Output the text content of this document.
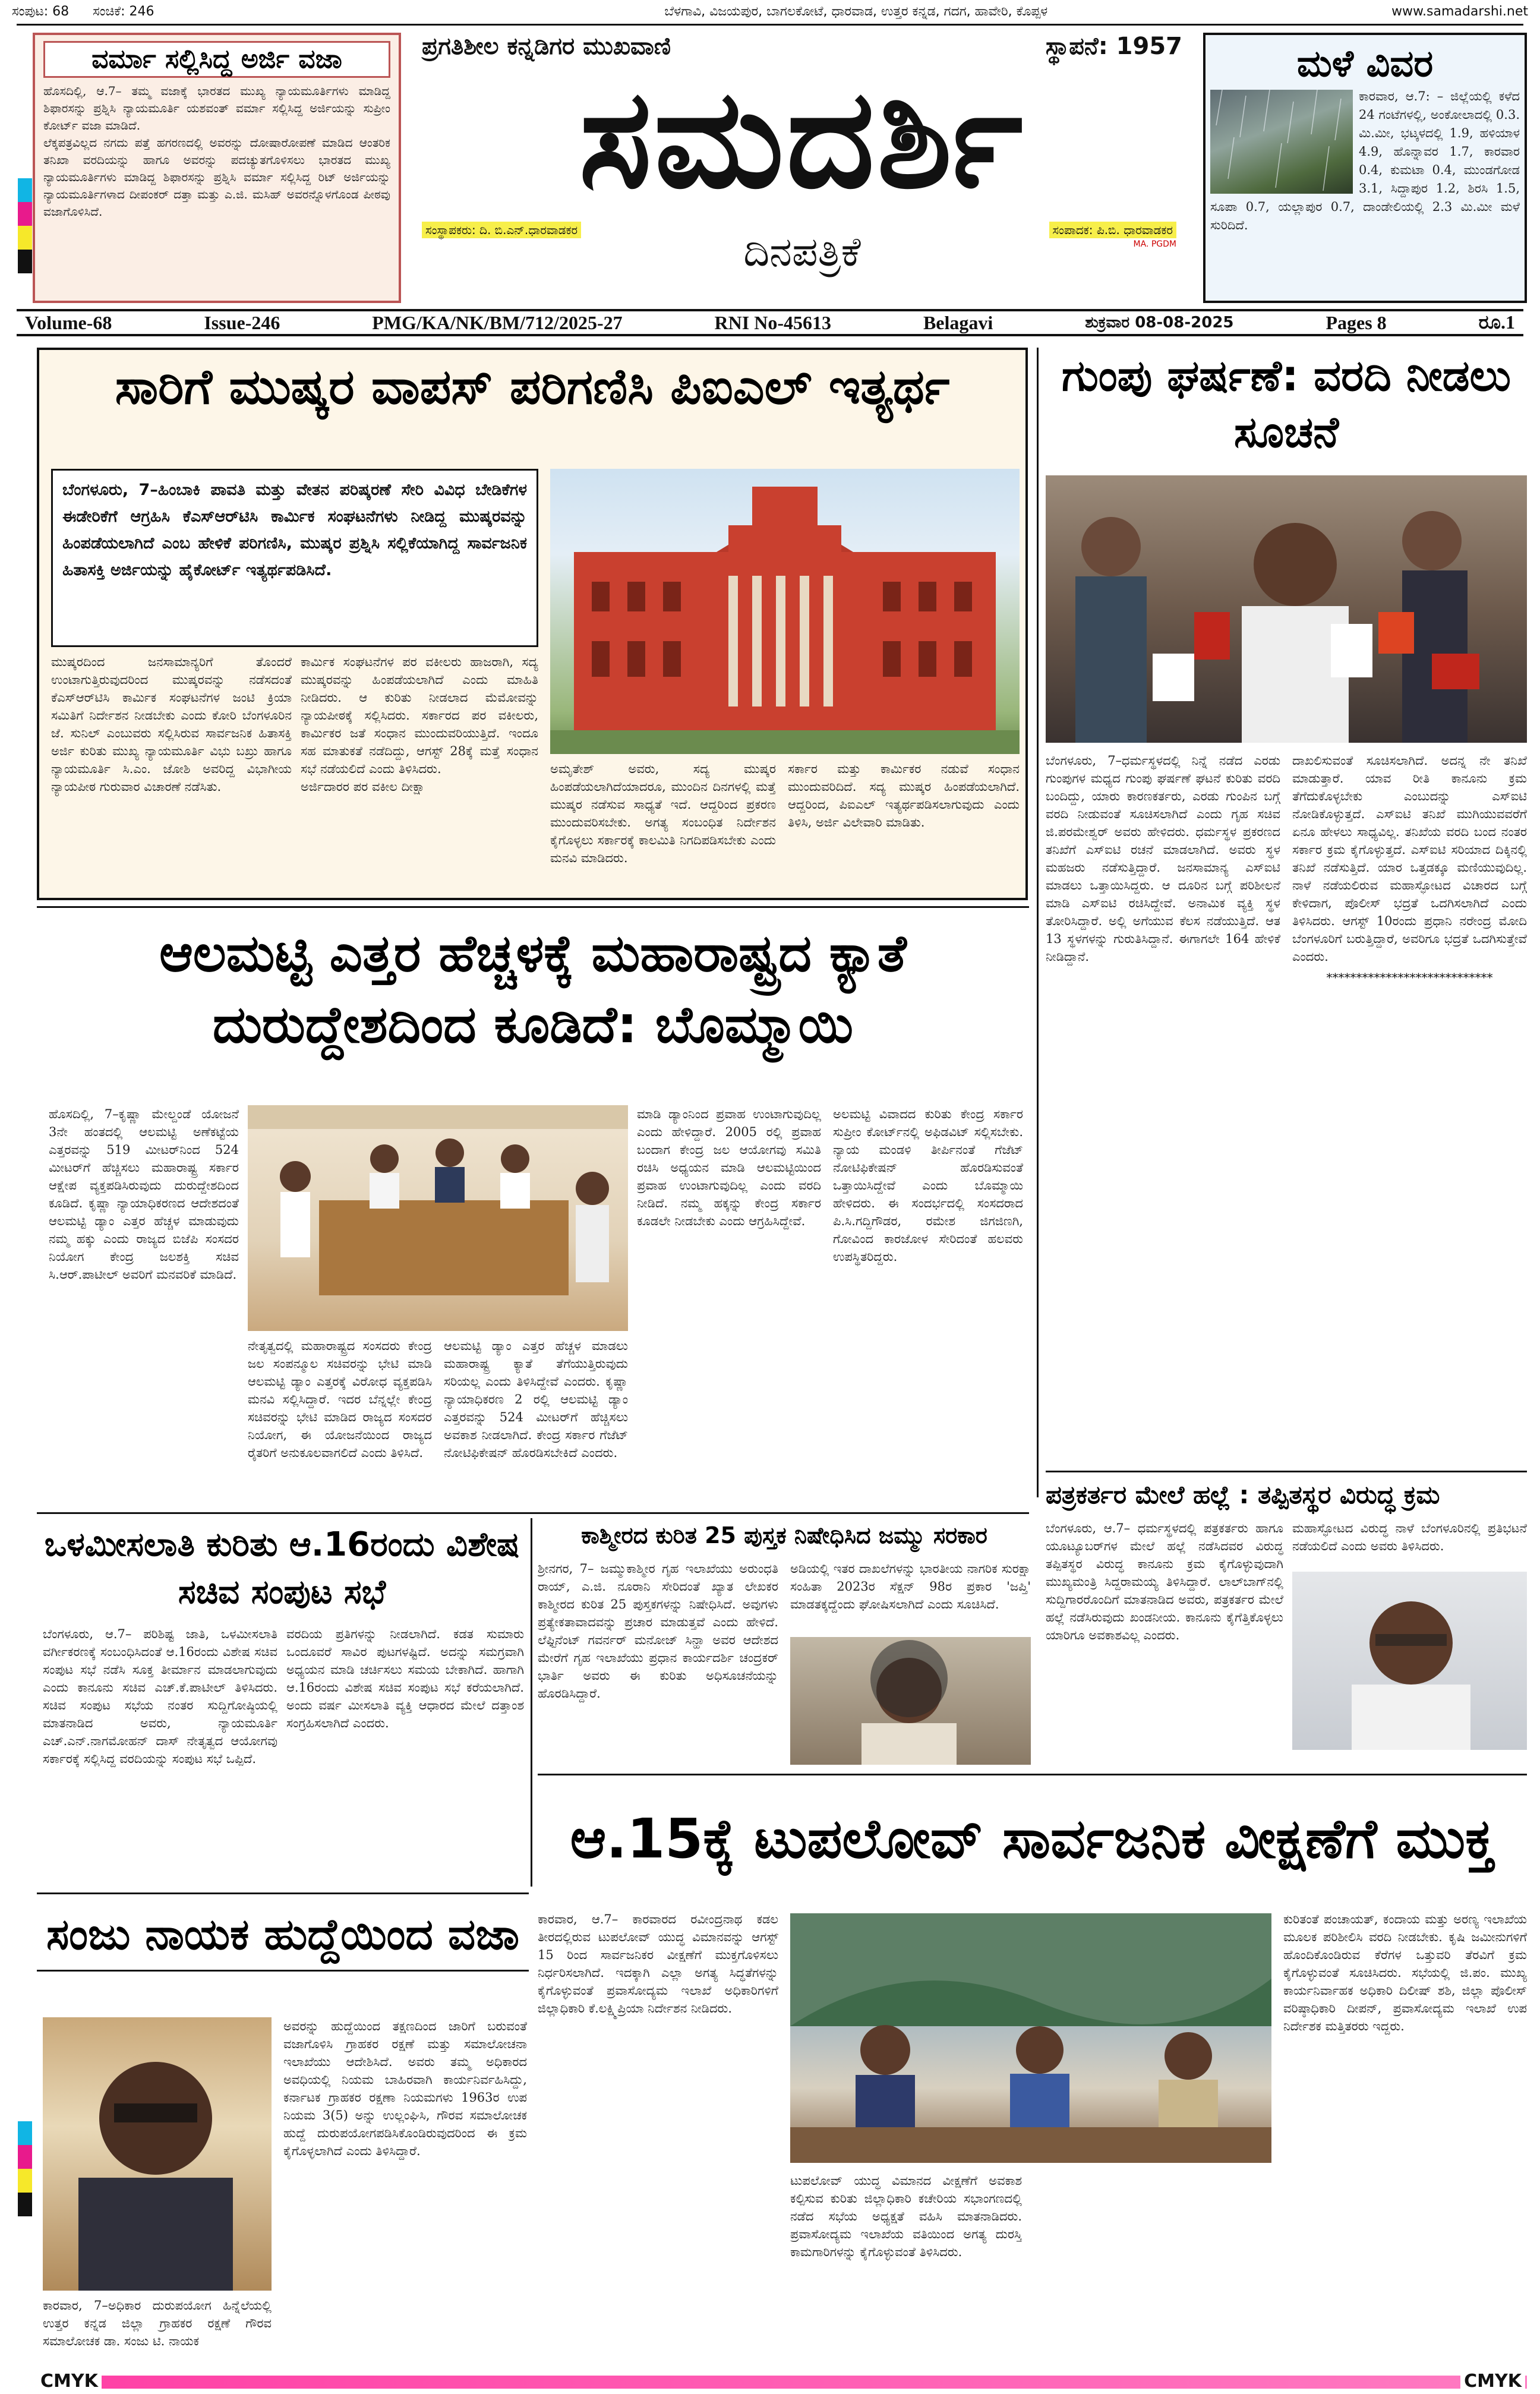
ಸಂಪುಟ: 68 ಸಂಚಿಕೆ: 246	ಬೆಳಗಾವಿ, ವಿಜಯಪುರ, ಬಾಗಲಕೋಟೆ, ಧಾರವಾಡ, ಉತ್ತರ ಕನ್ನಡ, ಗದಗ, ಹಾವೇರಿ, ಕೊಪ್ಪಳ	www.samadarshi.net
ವರ್ಮಾ ಸಲ್ಲಿಸಿದ್ದ ಅರ್ಜಿ ವಜಾ

ಹೊಸದಿಲ್ಲಿ, ಆ.7– ತಮ್ಮ ವಜಾಕ್ಕೆ ಭಾರತದ ಮುಖ್ಯ ನ್ಯಾಯಮೂರ್ತಿಗಳು ಮಾಡಿದ್ದ ಶಿಫಾರಸನ್ನು ಪ್ರಶ್ನಿಸಿ ನ್ಯಾಯಮೂರ್ತಿ ಯಶವಂತ್ ವರ್ಮಾ ಸಲ್ಲಿಸಿದ್ದ ಅರ್ಜಿಯನ್ನು ಸುಪ್ರೀಂ ಕೋರ್ಟ್ ವಜಾ ಮಾಡಿದೆ.

ಲೆಕ್ಕಪತ್ರವಿಲ್ಲದ ನಗದು ಪತ್ತೆ ಹಗರಣದಲ್ಲಿ ಅವರನ್ನು ದೋಷಾರೋಪಣೆ ಮಾಡಿದ ಆಂತರಿಕ ತನಿಖಾ ವರದಿಯನ್ನು ಹಾಗೂ ಅವರನ್ನು ಪದಚ್ಯುತಗೊಳಿಸಲು ಭಾರತದ ಮುಖ್ಯ ನ್ಯಾಯಮೂರ್ತಿಗಳು ಮಾಡಿದ್ದ ಶಿಫಾರಸನ್ನು ಪ್ರಶ್ನಿಸಿ ವರ್ಮಾ ಸಲ್ಲಿಸಿದ್ದ ರಿಟ್ ಅರ್ಜಿಯನ್ನು ನ್ಯಾಯಮೂರ್ತಿಗಳಾದ ದೀಪಂಕರ್ ದತ್ತಾ ಮತ್ತು ಎ.ಜಿ. ಮಸಿಹ್ ಅವರನ್ನೊಳಗೊಂಡ ಪೀಠವು ವಜಾಗೊಳಿಸಿದೆ.

ಪ್ರಗತಿಶೀಲ ಕನ್ನಡಿಗರ ಮುಖವಾಣಿ	ಸ್ಥಾಪನೆ: 1957
ಸಮದರ್ಶಿ
ಸಂಸ್ಥಾಪಕರು: ದಿ. ಬಿ.ಎನ್.ಧಾರವಾಡಕರ	ದಿನಪತ್ರಿಕೆ	ಸಂಪಾದಕ: ಪಿ.ಬಿ. ಧಾರವಾಡಕರ
MA. PGDM
ಮಳೆ ವಿವರ

ಕಾರವಾರ, ಆ.7: – ಜಿಲ್ಲೆಯಲ್ಲಿ ಕಳೆದ 24 ಗಂಟೆಗಳಲ್ಲಿ, ಅಂಕೋಲಾದಲ್ಲಿ 0.3. ಮಿ.ಮೀ, ಭಟ್ಕಳದಲ್ಲಿ 1.9, ಹಳಿಯಾಳ 4.9, ಹೊನ್ನಾವರ 1.7, ಕಾರವಾರ 0.4, ಕುಮಟಾ 0.4, ಮುಂಡಗೋಡ 3.1, ಸಿದ್ದಾಪುರ 1.2, ಶಿರಸಿ 1.5, ಸೂಪಾ 0.7, ಯಲ್ಲಾಪುರ 0.7, ದಾಂಡೇಲಿಯಲ್ಲಿ 2.3 ಮಿ.ಮೀ ಮಳೆ ಸುರಿದಿದೆ.

Volume-68	Issue-246	PMG/KA/NK/BM/712/2025-27	RNI No-45613	Belagavi	ಶುಕ್ರವಾರ 08-08-2025	Pages 8	ರೂ.1
ಸಾರಿಗೆ ಮುಷ್ಕರ ವಾಪಸ್ ಪರಿಗಣಿಸಿ ಪಿಐಎಲ್ ಇತ್ಯರ್ಥ

ಬೆಂಗಳೂರು, 7–ಹಿಂಬಾಕಿ ಪಾವತಿ ಮತ್ತು ವೇತನ ಪರಿಷ್ಕರಣೆ ಸೇರಿ ವಿವಿಧ ಬೇಡಿಕೆಗಳ ಈಡೇರಿಕೆಗೆ ಆಗ್ರಹಿಸಿ ಕೆಎಸ್ಆರ್‌ಟಿಸಿ ಕಾರ್ಮಿಕ ಸಂಘಟನೆಗಳು ನೀಡಿದ್ದ ಮುಷ್ಕರವನ್ನು ಹಿಂಪಡೆಯಲಾಗಿದೆ ಎಂಬ ಹೇಳಿಕೆ ಪರಿಗಣಿಸಿ, ಮುಷ್ಕರ ಪ್ರಶ್ನಿಸಿ ಸಲ್ಲಿಕೆಯಾಗಿದ್ದ ಸಾರ್ವಜನಿಕ ಹಿತಾಸಕ್ತಿ ಅರ್ಜಿಯನ್ನು ಹೈಕೋರ್ಟ್ ಇತ್ಯರ್ಥಪಡಿಸಿದೆ.

ಮುಷ್ಕರದಿಂದ ಜನಸಾಮಾನ್ಯರಿಗೆ ತೊಂದರೆ ಉಂಟಾಗುತ್ತಿರುವುದರಿಂದ ಮುಷ್ಕರವನ್ನು ನಡೆಸದಂತೆ ಕೆಎಸ್ಆರ್‌ಟಿಸಿ ಕಾರ್ಮಿಕ ಸಂಘಟನೆಗಳ ಜಂಟಿ ಕ್ರಿಯಾ ಸಮಿತಿಗೆ ನಿರ್ದೇಶನ ನೀಡಬೇಕು ಎಂದು ಕೋರಿ ಬೆಂಗಳೂರಿನ ಜೆ. ಸುನಿಲ್ ಎಂಬುವರು ಸಲ್ಲಿಸಿರುವ ಸಾರ್ವಜನಿಕ ಹಿತಾಸಕ್ತಿ ಅರ್ಜಿ ಕುರಿತು ಮುಖ್ಯ ನ್ಯಾಯಮೂರ್ತಿ ವಿಭು ಬಖ್ರು ಹಾಗೂ ನ್ಯಾಯಮೂರ್ತಿ ಸಿ.ಎಂ. ಜೋಶಿ ಅವರಿದ್ದ ವಿಭಾಗೀಯ ನ್ಯಾಯಪೀಠ ಗುರುವಾರ ವಿಚಾರಣೆ ನಡೆಸಿತು.

ಕಾರ್ಮಿಕ ಸಂಘಟನೆಗಳ ಪರ ವಕೀಲರು ಹಾಜರಾಗಿ, ಸದ್ಯ ಮುಷ್ಕರವನ್ನು ಹಿಂಪಡೆಯಲಾಗಿದೆ ಎಂದು ಮಾಹಿತಿ ನೀಡಿದರು. ಆ ಕುರಿತು ನೀಡಲಾದ ಮೆಮೋವನ್ನು ನ್ಯಾಯಪೀಠಕ್ಕೆ ಸಲ್ಲಿಸಿದರು. ಸರ್ಕಾರದ ಪರ ವಕೀಲರು, ಕಾರ್ಮಿಕರ ಜತೆ ಸಂಧಾನ ಮುಂದುವರಿಯುತ್ತಿದೆ. ಇಂದೂ ಸಹ ಮಾತುಕತೆ ನಡೆದಿದ್ದು, ಆಗಸ್ಟ್ 28ಕ್ಕೆ ಮತ್ತೆ ಸಂಧಾನ ಸಭೆ ನಡೆಯಲಿದೆ ಎಂದು ತಿಳಿಸಿದರು.

ಅರ್ಜಿದಾರರ ಪರ ವಕೀಲ ದೀಕ್ಷಾ

ಅಮೃತೇಶ್ ಅವರು, ಸದ್ಯ ಮುಷ್ಕರ ಹಿಂಪಡೆಯಲಾಗಿದೆಯಾದರೂ, ಮುಂದಿನ ದಿನಗಳಲ್ಲಿ ಮತ್ತೆ ಮುಷ್ಕರ ನಡೆಸುವ ಸಾಧ್ಯತೆ ಇದೆ. ಆದ್ದರಿಂದ ಪ್ರಕರಣ ಮುಂದುವರಿಸಬೇಕು. ಅಗತ್ಯ ಸಂಬಂಧಿತ ನಿರ್ದೇಶನ ಕೈಗೊಳ್ಳಲು ಸರ್ಕಾರಕ್ಕೆ ಕಾಲಮಿತಿ ನಿಗದಿಪಡಿಸಬೇಕು ಎಂದು ಮನವಿ ಮಾಡಿದರು.

ಸರ್ಕಾರ ಮತ್ತು ಕಾರ್ಮಿಕರ ನಡುವೆ ಸಂಧಾನ ಮುಂದುವರಿದಿದೆ. ಸದ್ಯ ಮುಷ್ಕರ ಹಿಂಪಡೆಯಲಾಗಿದೆ. ಆದ್ದರಿಂದ, ಪಿಐಎಲ್ ಇತ್ಯರ್ಥಪಡಿಸಲಾಗುವುದು ಎಂದು ತಿಳಿಸಿ, ಅರ್ಜಿ ವಿಲೇವಾರಿ ಮಾಡಿತು.

ಗುಂಪು ಘರ್ಷಣೆ: ವರದಿ ನೀಡಲು ಸೂಚನೆ

ಬೆಂಗಳೂರು, 7–ಧರ್ಮಸ್ಥಳದಲ್ಲಿ ನಿನ್ನೆ ನಡೆದ ಎರಡು ಗುಂಪುಗಳ ಮಧ್ಯದ ಗುಂಪು ಘರ್ಷಣೆ ಘಟನೆ ಕುರಿತು ವರದಿ ಬಂದಿದ್ದು, ಯಾರು ಕಾರಣಕರ್ತರು, ಎರಡು ಗುಂಪಿನ ಬಗ್ಗೆ ವರದಿ ನೀಡುವಂತೆ ಸೂಚಿಸಲಾಗಿದೆ ಎಂದು ಗೃಹ ಸಚಿವ ಜಿ.ಪರಮೇಶ್ವರ್ ಅವರು ಹೇಳಿದರು. ಧರ್ಮಸ್ಥಳ ಪ್ರಕರಣದ ತನಿಖೆಗೆ ಎಸ್ಐಟಿ ರಚನೆ ಮಾಡಲಾಗಿದೆ. ಅವರು ಸ್ಥಳ ಮಹಜರು ನಡೆಸುತ್ತಿದ್ದಾರೆ. ಜನಸಾಮಾನ್ಯ ಎಸ್ಐಟಿ ಮಾಡಲು ಒತ್ತಾಯಿಸಿದ್ದರು. ಆ ದೂರಿನ ಬಗ್ಗೆ ಪರಿಶೀಲನೆ ಮಾಡಿ ಎಸ್ಐಟಿ ರಚಿಸಿದ್ದೇವೆ. ಅನಾಮಿಕ ವ್ಯಕ್ತಿ ಸ್ಥಳ ತೋರಿಸಿದ್ದಾರೆ. ಅಲ್ಲಿ ಅಗೆಯುವ ಕೆಲಸ ನಡೆಯುತ್ತಿದೆ. ಆತ 13 ಸ್ಥಳಗಳನ್ನು ಗುರುತಿಸಿದ್ದಾನೆ. ಈಗಾಗಲೇ 164 ಹೇಳಿಕೆ ನೀಡಿದ್ದಾನೆ.

ದಾಖಲಿಸುವಂತೆ ಸೂಚಿಸಲಾಗಿದೆ. ಅದನ್ನ ನೇ ತನಿಖೆ ಮಾಡುತ್ತಾರೆ. ಯಾವ ರೀತಿ ಕಾನೂನು ಕ್ರಮ ತೆಗೆದುಕೊಳ್ಳಬೇಕು ಎಂಬುದನ್ನು ಎಸ್ಐಟಿ ನೋಡಿಕೊಳ್ಳುತ್ತದೆ. ಎಸ್ಐಟಿ ತನಿಖೆ ಮುಗಿಯುವವರೆಗೆ ಏನೂ ಹೇಳಲು ಸಾಧ್ಯವಿಲ್ಲ. ತನಿಖೆಯ ವರದಿ ಬಂದ ನಂತರ ಸರ್ಕಾರ ಕ್ರಮ ಕೈಗೊಳ್ಳುತ್ತದೆ. ಎಸ್ಐಟಿ ಸರಿಯಾದ ದಿಕ್ಕಿನಲ್ಲಿ ತನಿಖೆ ನಡೆಸುತ್ತಿದೆ. ಯಾರ ಒತ್ತಡಕ್ಕೂ ಮಣಿಯುವುದಿಲ್ಲ. ನಾಳೆ ನಡೆಯಲಿರುವ ಮಹಾಸ್ಫೋಟದ ವಿಚಾರದ ಬಗ್ಗೆ ಕೇಳಿದಾಗ, ಪೊಲೀಸ್ ಭದ್ರತೆ ಒದಗಿಸಲಾಗಿದೆ ಎಂದು ತಿಳಿಸಿದರು. ಆಗಸ್ಟ್ 10ರಂದು ಪ್ರಧಾನಿ ನರೇಂದ್ರ ಮೋದಿ ಬೆಂಗಳೂರಿಗೆ ಬರುತ್ತಿದ್ದಾರೆ, ಅವರಿಗೂ ಭದ್ರತೆ ಒದಗಿಸುತ್ತೇವೆ ಎಂದರು.

****************************

ಆಲಮಟ್ಟಿ ಎತ್ತರ ಹೆಚ್ಚಳಕ್ಕೆ ಮಹಾರಾಷ್ಟ್ರದ ಕ್ಯಾತೆ ದುರುದ್ದೇಶದಿಂದ ಕೂಡಿದೆ: ಬೊಮ್ಮಾಯಿ

ಹೊಸದಿಲ್ಲಿ, 7–ಕೃಷ್ಣಾ ಮೇಲ್ದಂಡೆ ಯೋಜನೆ 3ನೇ ಹಂತದಲ್ಲಿ ಆಲಮಟ್ಟಿ ಅಣೆಕಟ್ಟೆಯ ಎತ್ತರವನ್ನು 519 ಮೀಟರ್‌ನಿಂದ 524 ಮೀಟರ್‌ಗೆ ಹೆಚ್ಚಿಸಲು ಮಹಾರಾಷ್ಟ್ರ ಸರ್ಕಾರ ಆಕ್ಷೇಪ ವ್ಯಕ್ತಪಡಿಸಿರುವುದು ದುರುದ್ದೇಶದಿಂದ ಕೂಡಿದೆ. ಕೃಷ್ಣಾ ನ್ಯಾಯಾಧಿಕರಣದ ಆದೇಶದಂತೆ ಆಲಮಟ್ಟಿ ಡ್ಯಾಂ ಎತ್ತರ ಹೆಚ್ಚಳ ಮಾಡುವುದು ನಮ್ಮ ಹಕ್ಕು ಎಂದು ರಾಜ್ಯದ ಬಿಜೆಪಿ ಸಂಸದರ ನಿಯೋಗ ಕೇಂದ್ರ ಜಲಶಕ್ತಿ ಸಚಿವ ಸಿ.ಆರ್.ಪಾಟೀಲ್ ಅವರಿಗೆ ಮನವರಿಕೆ ಮಾಡಿದೆ.

ನೇತೃತ್ವದಲ್ಲಿ ಮಹಾರಾಷ್ಟ್ರದ ಸಂಸದರು ಕೇಂದ್ರ ಜಲ ಸಂಪನ್ಮೂಲ ಸಚಿವರನ್ನು ಭೇಟಿ ಮಾಡಿ ಆಲಮಟ್ಟಿ ಡ್ಯಾಂ ಎತ್ತರಕ್ಕೆ ವಿರೋಧ ವ್ಯಕ್ತಪಡಿಸಿ ಮನವಿ ಸಲ್ಲಿಸಿದ್ದಾರೆ. ಇದರ ಬೆನ್ನಲ್ಲೇ ಕೇಂದ್ರ ಸಚಿವರನ್ನು ಭೇಟಿ ಮಾಡಿದ ರಾಜ್ಯದ ಸಂಸದರ ನಿಯೋಗ, ಈ ಯೋಜನೆಯಿಂದ ರಾಜ್ಯದ ರೈತರಿಗೆ ಅನುಕೂಲವಾಗಲಿದೆ ಎಂದು ತಿಳಿಸಿದೆ.

ಆಲಮಟ್ಟಿ ಡ್ಯಾಂ ಎತ್ತರ ಹೆಚ್ಚಳ ಮಾಡಲು ಮಹಾರಾಷ್ಟ್ರ ಕ್ಯಾತೆ ತೆಗೆಯುತ್ತಿರುವುದು ಸರಿಯಲ್ಲ ಎಂದು ತಿಳಿಸಿದ್ದೇವೆ ಎಂದರು. ಕೃಷ್ಣಾ ನ್ಯಾಯಾಧಿಕರಣ 2 ರಲ್ಲಿ ಆಲಮಟ್ಟಿ ಡ್ಯಾಂ ಎತ್ತರವನ್ನು 524 ಮೀಟರ್‌ಗೆ ಹೆಚ್ಚಿಸಲು ಅವಕಾಶ ನೀಡಲಾಗಿದೆ. ಕೇಂದ್ರ ಸರ್ಕಾರ ಗೆಜೆಟ್ ನೋಟಿಫಿಕೇಷನ್ ಹೊರಡಿಸಬೇಕಿದೆ ಎಂದರು.

ಮಾಡಿ ಡ್ಯಾಂನಿಂದ ಪ್ರವಾಹ ಉಂಟಾಗುವುದಿಲ್ಲ ಎಂದು ಹೇಳಿದ್ದಾರೆ. 2005 ರಲ್ಲಿ ಪ್ರವಾಹ ಬಂದಾಗ ಕೇಂದ್ರ ಜಲ ಆಯೋಗವು ಸಮಿತಿ ರಚಿಸಿ ಅಧ್ಯಯನ ಮಾಡಿ ಆಲಮಟ್ಟಿಯಿಂದ ಪ್ರವಾಹ ಉಂಟಾಗುವುದಿಲ್ಲ ಎಂದು ವರದಿ ನೀಡಿದೆ. ನಮ್ಮ ಹಕ್ಕನ್ನು ಕೇಂದ್ರ ಸರ್ಕಾರ ಕೂಡಲೇ ನೀಡಬೇಕು ಎಂದು ಆಗ್ರಹಿಸಿದ್ದೇವೆ.

ಅಲಮಟ್ಟಿ ವಿವಾದದ ಕುರಿತು ಕೇಂದ್ರ ಸರ್ಕಾರ ಸುಪ್ರೀಂ ಕೋರ್ಟ್‌ನಲ್ಲಿ ಅಫಿಡವಿಟ್ ಸಲ್ಲಿಸಬೇಕು. ನ್ಯಾಯ ಮಂಡಳಿ ತೀರ್ಪಿನಂತೆ ಗೆಜೆಟ್ ನೋಟಿಫಿಕೇಷನ್ ಹೊರಡಿಸುವಂತೆ ಒತ್ತಾಯಿಸಿದ್ದೇವೆ ಎಂದು ಬೊಮ್ಮಾಯಿ ಹೇಳಿದರು. ಈ ಸಂದರ್ಭದಲ್ಲಿ ಸಂಸದರಾದ ಪಿ.ಸಿ.ಗದ್ದಿಗೌಡರ, ರಮೇಶ ಜಿಗಜಿಣಗಿ, ಗೋವಿಂದ ಕಾರಜೋಳ ಸೇರಿದಂತೆ ಹಲವರು ಉಪಸ್ಥಿತರಿದ್ದರು.

ಪತ್ರಕರ್ತರ ಮೇಲೆ ಹಲ್ಲೆ : ತಪ್ಪಿತಸ್ಥರ ವಿರುದ್ಧ ಕ್ರಮ

ಬೆಂಗಳೂರು, ಆ.7– ಧರ್ಮಸ್ಥಳದಲ್ಲಿ ಪತ್ರಕರ್ತರು ಹಾಗೂ ಯೂಟ್ಯೂಬರ್‌ಗಳ ಮೇಲೆ ಹಲ್ಲೆ ನಡೆಸಿದವರ ವಿರುದ್ಧ ತಪ್ಪಿತಸ್ಥರ ವಿರುದ್ಧ ಕಾನೂನು ಕ್ರಮ ಕೈಗೊಳ್ಳುವುದಾಗಿ ಮುಖ್ಯಮಂತ್ರಿ ಸಿದ್ದರಾಮಯ್ಯ ತಿಳಿಸಿದ್ದಾರೆ. ಲಾಲ್‌ಬಾಗ್‌ನಲ್ಲಿ ಸುದ್ದಿಗಾರರೊಂದಿಗೆ ಮಾತನಾಡಿದ ಅವರು, ಪತ್ರಕರ್ತರ ಮೇಲೆ ಹಲ್ಲೆ ನಡೆಸಿರುವುದು ಖಂಡನೀಯ. ಕಾನೂನು ಕೈಗೆತ್ತಿಕೊಳ್ಳಲು ಯಾರಿಗೂ ಅವಕಾಶವಿಲ್ಲ ಎಂದರು.

ಮಹಾಸ್ಫೋಟದ ವಿರುದ್ಧ ನಾಳೆ ಬೆಂಗಳೂರಿನಲ್ಲಿ ಪ್ರತಿಭಟನೆ ನಡೆಯಲಿದೆ ಎಂದು ಅವರು ತಿಳಿಸಿದರು.

ಒಳಮೀಸಲಾತಿ ಕುರಿತು ಆ.16ರಂದು ವಿಶೇಷ ಸಚಿವ ಸಂಪುಟ ಸಭೆ

ಬೆಂಗಳೂರು, ಆ.7– ಪರಿಶಿಷ್ಟ ಜಾತಿ, ಒಳಮೀಸಲಾತಿ ವರ್ಗೀಕರಣಕ್ಕೆ ಸಂಬಂಧಿಸಿದಂತೆ ಆ.16ರಂದು ವಿಶೇಷ ಸಚಿವ ಸಂಪುಟ ಸಭೆ ನಡೆಸಿ ಸೂಕ್ತ ತೀರ್ಮಾನ ಮಾಡಲಾಗುವುದು ಎಂದು ಕಾನೂನು ಸಚಿವ ಎಚ್.ಕೆ.ಪಾಟೀಲ್ ತಿಳಿಸಿದರು. ಸಚಿವ ಸಂಪುಟ ಸಭೆಯ ನಂತರ ಸುದ್ದಿಗೋಷ್ಠಿಯಲ್ಲಿ ಮಾತನಾಡಿದ ಅವರು, ನ್ಯಾಯಮೂರ್ತಿ ಎಚ್.ಎನ್.ನಾಗಮೋಹನ್ ದಾಸ್ ನೇತೃತ್ವದ ಆಯೋಗವು ಸರ್ಕಾರಕ್ಕೆ ಸಲ್ಲಿಸಿದ್ದ ವರದಿಯನ್ನು ಸಂಪುಟ ಸಭೆ ಒಪ್ಪಿದೆ.

ವರದಿಯ ಪ್ರತಿಗಳನ್ನು ನೀಡಲಾಗಿದೆ. ಕಡತ ಸುಮಾರು ಒಂದೂವರೆ ಸಾವಿರ ಪುಟಗಳಷ್ಟಿದೆ. ಅದನ್ನು ಸಮಗ್ರವಾಗಿ ಅಧ್ಯಯನ ಮಾಡಿ ಚರ್ಚಿಸಲು ಸಮಯ ಬೇಕಾಗಿದೆ. ಹಾಗಾಗಿ ಆ.16ರಂದು ವಿಶೇಷ ಸಚಿವ ಸಂಪುಟ ಸಭೆ ಕರೆಯಲಾಗಿದೆ. ಅಂದು ವರ್ಷ ಮೀಸಲಾತಿ ವ್ಯಕ್ತಿ ಆಧಾರದ ಮೇಲೆ ದತ್ತಾಂಶ ಸಂಗ್ರಹಿಸಲಾಗಿದೆ ಎಂದರು.

ಕಾಶ್ಮೀರದ ಕುರಿತ 25 ಪುಸ್ತಕ ನಿಷೇಧಿಸಿದ ಜಮ್ಮು ಸರಕಾರ

ಶ್ರೀನಗರ, 7– ಜಮ್ಮುಕಾಶ್ಮೀರ ಗೃಹ ಇಲಾಖೆಯು ಅರುಂಧತಿ ರಾಯ್, ಎ.ಜಿ. ನೂರಾನಿ ಸೇರಿದಂತೆ ಖ್ಯಾತ ಲೇಖಕರ ಕಾಶ್ಮೀರದ ಕುರಿತ 25 ಪುಸ್ತಕಗಳನ್ನು ನಿಷೇಧಿಸಿದೆ. ಅವುಗಳು ಪ್ರತ್ಯೇಕತಾವಾದವನ್ನು ಪ್ರಚಾರ ಮಾಡುತ್ತವೆ ಎಂದು ಹೇಳಿದೆ. ಲೆಫ್ಟಿನೆಂಟ್ ಗವರ್ನರ್ ಮನೋಜ್ ಸಿನ್ಹಾ ಅವರ ಆದೇಶದ ಮೇರೆಗೆ ಗೃಹ ಇಲಾಖೆಯು ಪ್ರಧಾನ ಕಾರ್ಯದರ್ಶಿ ಚಂದ್ರಕರ್ ಭಾರ್ತಿ ಅವರು ಈ ಕುರಿತು ಅಧಿಸೂಚನೆಯನ್ನು ಹೊರಡಿಸಿದ್ದಾರೆ.

ಅಡಿಯಲ್ಲಿ ಇತರ ದಾಖಲೆಗಳನ್ನು ಭಾರತೀಯ ನಾಗರಿಕ ಸುರಕ್ಷಾ ಸಂಹಿತಾ 2023ರ ಸೆಕ್ಷನ್ 98ರ ಪ್ರಕಾರ 'ಜಪ್ತಿ' ಮಾಡತಕ್ಕದ್ದೆಂದು ಘೋಷಿಸಲಾಗಿದೆ ಎಂದು ಸೂಚಿಸಿದೆ.

ಆ.15ಕ್ಕೆ ಟುಪಲೋವ್ ಸಾರ್ವಜನಿಕ ವೀಕ್ಷಣೆಗೆ ಮುಕ್ತ

ಕಾರವಾರ, ಆ.7– ಕಾರವಾರದ ರವೀಂದ್ರನಾಥ ಕಡಲ ತೀರದಲ್ಲಿರುವ ಟುಪಲೋವ್ ಯುದ್ಧ ವಿಮಾನವನ್ನು ಆಗಸ್ಟ್ 15 ರಿಂದ ಸಾರ್ವಜನಿಕರ ವೀಕ್ಷಣೆಗೆ ಮುಕ್ತಗೊಳಿಸಲು ನಿರ್ಧರಿಸಲಾಗಿದೆ. ಇದಕ್ಕಾಗಿ ಎಲ್ಲಾ ಅಗತ್ಯ ಸಿದ್ಧತೆಗಳನ್ನು ಕೈಗೊಳ್ಳುವಂತೆ ಪ್ರವಾಸೋದ್ಯಮ ಇಲಾಖೆ ಅಧಿಕಾರಿಗಳಿಗೆ ಜಿಲ್ಲಾಧಿಕಾರಿ ಕೆ.ಲಕ್ಷ್ಮಿಪ್ರಿಯಾ ನಿರ್ದೇಶನ ನೀಡಿದರು.

ಟುಪಲೋವ್ ಯುದ್ಧ ವಿಮಾನದ ವೀಕ್ಷಣೆಗೆ ಅವಕಾಶ ಕಲ್ಪಿಸುವ ಕುರಿತು ಜಿಲ್ಲಾಧಿಕಾರಿ ಕಚೇರಿಯ ಸಭಾಂಗಣದಲ್ಲಿ ನಡೆದ ಸಭೆಯ ಅಧ್ಯಕ್ಷತೆ ವಹಿಸಿ ಮಾತನಾಡಿದರು. ಪ್ರವಾಸೋದ್ಯಮ ಇಲಾಖೆಯ ವತಿಯಿಂದ ಅಗತ್ಯ ದುರಸ್ತಿ ಕಾಮಗಾರಿಗಳನ್ನು ಕೈಗೊಳ್ಳುವಂತೆ ತಿಳಿಸಿದರು.

ಕುರಿತಂತೆ ಪಂಚಾಯತ್, ಕಂದಾಯ ಮತ್ತು ಅರಣ್ಯ ಇಲಾಖೆಯ ಮೂಲಕ ಪರಿಶೀಲಿಸಿ ವರದಿ ನೀಡಬೇಕು. ಕೃಷಿ ಜಮೀನುಗಳಿಗೆ ಹೊಂದಿಕೊಂಡಿರುವ ಕೆರೆಗಳ ಒತ್ತುವರಿ ತೆರವಿಗೆ ಕ್ರಮ ಕೈಗೊಳ್ಳುವಂತೆ ಸೂಚಿಸಿದರು. ಸಭೆಯಲ್ಲಿ ಜಿ.ಪಂ. ಮುಖ್ಯ ಕಾರ್ಯನಿರ್ವಾಹಕ ಅಧಿಕಾರಿ ದಿಲೀಷ್ ಶಶಿ, ಜಿಲ್ಲಾ ಪೊಲೀಸ್ ವರಿಷ್ಠಾಧಿಕಾರಿ ದೀಪನ್, ಪ್ರವಾಸೋದ್ಯಮ ಇಲಾಖೆ ಉಪ ನಿರ್ದೇಶಕ ಮತ್ತಿತರರು ಇದ್ದರು.

ಸಂಜು ನಾಯಕ ಹುದ್ದೆಯಿಂದ ವಜಾ

ಕಾರವಾರ, 7–ಅಧಿಕಾರ ದುರುಪಯೋಗ ಹಿನ್ನೆಲೆಯಲ್ಲಿ ಉತ್ತರ ಕನ್ನಡ ಜಿಲ್ಲಾ ಗ್ರಾಹಕರ ರಕ್ಷಣೆ ಗೌರವ ಸಮಾಲೋಚಕ ಡಾ. ಸಂಜು ಟಿ. ನಾಯಕ

ಅವರನ್ನು ಹುದ್ದೆಯಿಂದ ತಕ್ಷಣದಿಂದ ಜಾರಿಗೆ ಬರುವಂತೆ ವಜಾಗೊಳಿಸಿ ಗ್ರಾಹಕರ ರಕ್ಷಣೆ ಮತ್ತು ಸಮಾಲೋಚನಾ ಇಲಾಖೆಯು ಆದೇಶಿಸಿದೆ. ಅವರು ತಮ್ಮ ಅಧಿಕಾರದ ಅವಧಿಯಲ್ಲಿ ನಿಯಮ ಬಾಹಿರವಾಗಿ ಕಾರ್ಯನಿರ್ವಹಿಸಿದ್ದು, ಕರ್ನಾಟಕ ಗ್ರಾಹಕರ ರಕ್ಷಣಾ ನಿಯಮಗಳು 1963ರ ಉಪ ನಿಯಮ 3(5) ಅನ್ನು ಉಲ್ಲಂಘಿಸಿ, ಗೌರವ ಸಮಾಲೋಚಕ ಹುದ್ದೆ ದುರುಪಯೋಗಪಡಿಸಿಕೊಂಡಿರುವುದರಿಂದ ಈ ಕ್ರಮ ಕೈಗೊಳ್ಳಲಾಗಿದೆ ಎಂದು ತಿಳಿಸಿದ್ದಾರೆ.

CMYK	CMYK
